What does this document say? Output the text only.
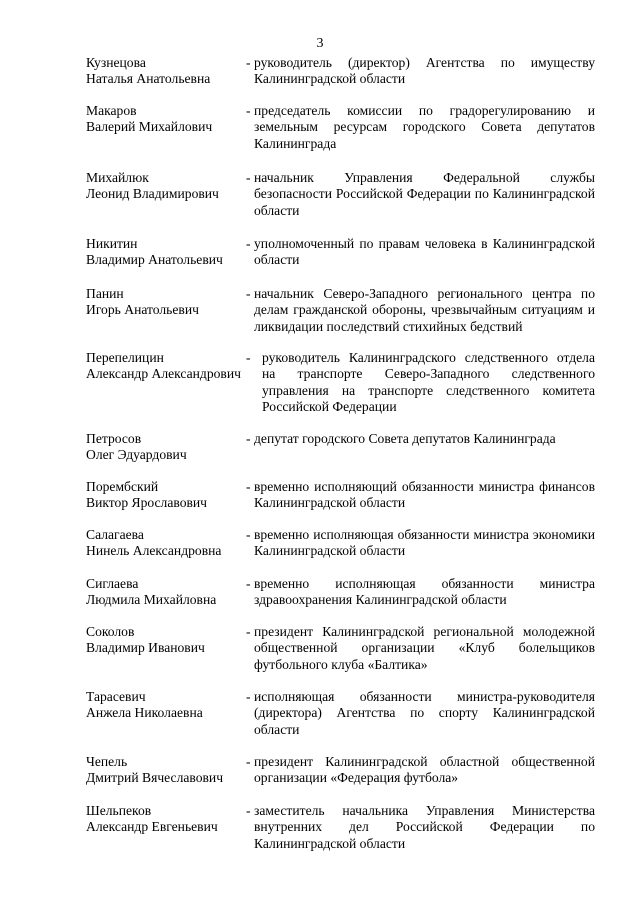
3
Кузнецова
Наталья Анатольевна
- руководитель (директор) Агентства по имуществу Калининградской области
Макаров
Валерий Михайлович
- председатель комиссии по градорегулированию и земельным ресурсам городского Совета депутатов Калининграда
Михайлюк
Леонид Владимирович
- начальник Управления Федеральной службы безопасности Российской Федерации по Калининградской области
Никитин
Владимир Анатольевич
- уполномоченный по правам человека в Калининградской области
Панин
Игорь Анатольевич
- начальник Северо-Западного регионального центра по делам гражданской обороны, чрезвычайным ситуациям и ликвидации последствий стихийных бедствий
Перепелицин
Александр Александрович
- руководитель Калининградского следственного отдела на транспорте Северо-Западного следственного управления на транспорте следственного комитета Российской Федерации
Петросов
Олег Эдуардович
- депутат городского Совета депутатов Калининграда
Порембский
Виктор Ярославович
- временно исполняющий обязанности министра финансов Калининградской области
Салагаева
Нинель Александровна
- временно исполняющая обязанности министра экономики Калининградской области
Сиглаева
Людмила Михайловна
- временно исполняющая обязанности министра здравоохранения Калининградской области
Соколов
Владимир Иванович
- президент Калининградской региональной молодежной общественной организации «Клуб болельщиков футбольного клуба «Балтика»
Тарасевич
Анжела Николаевна
- исполняющая обязанности министра-руководителя (директора) Агентства по спорту Калининградской области
Чепель
Дмитрий Вячеславович
- президент Калининградской областной общественной организации «Федерация футбола»
Шельпеков
Александр Евгеньевич
- заместитель начальника Управления Министерства внутренних дел Российской Федерации по Калининградской области
